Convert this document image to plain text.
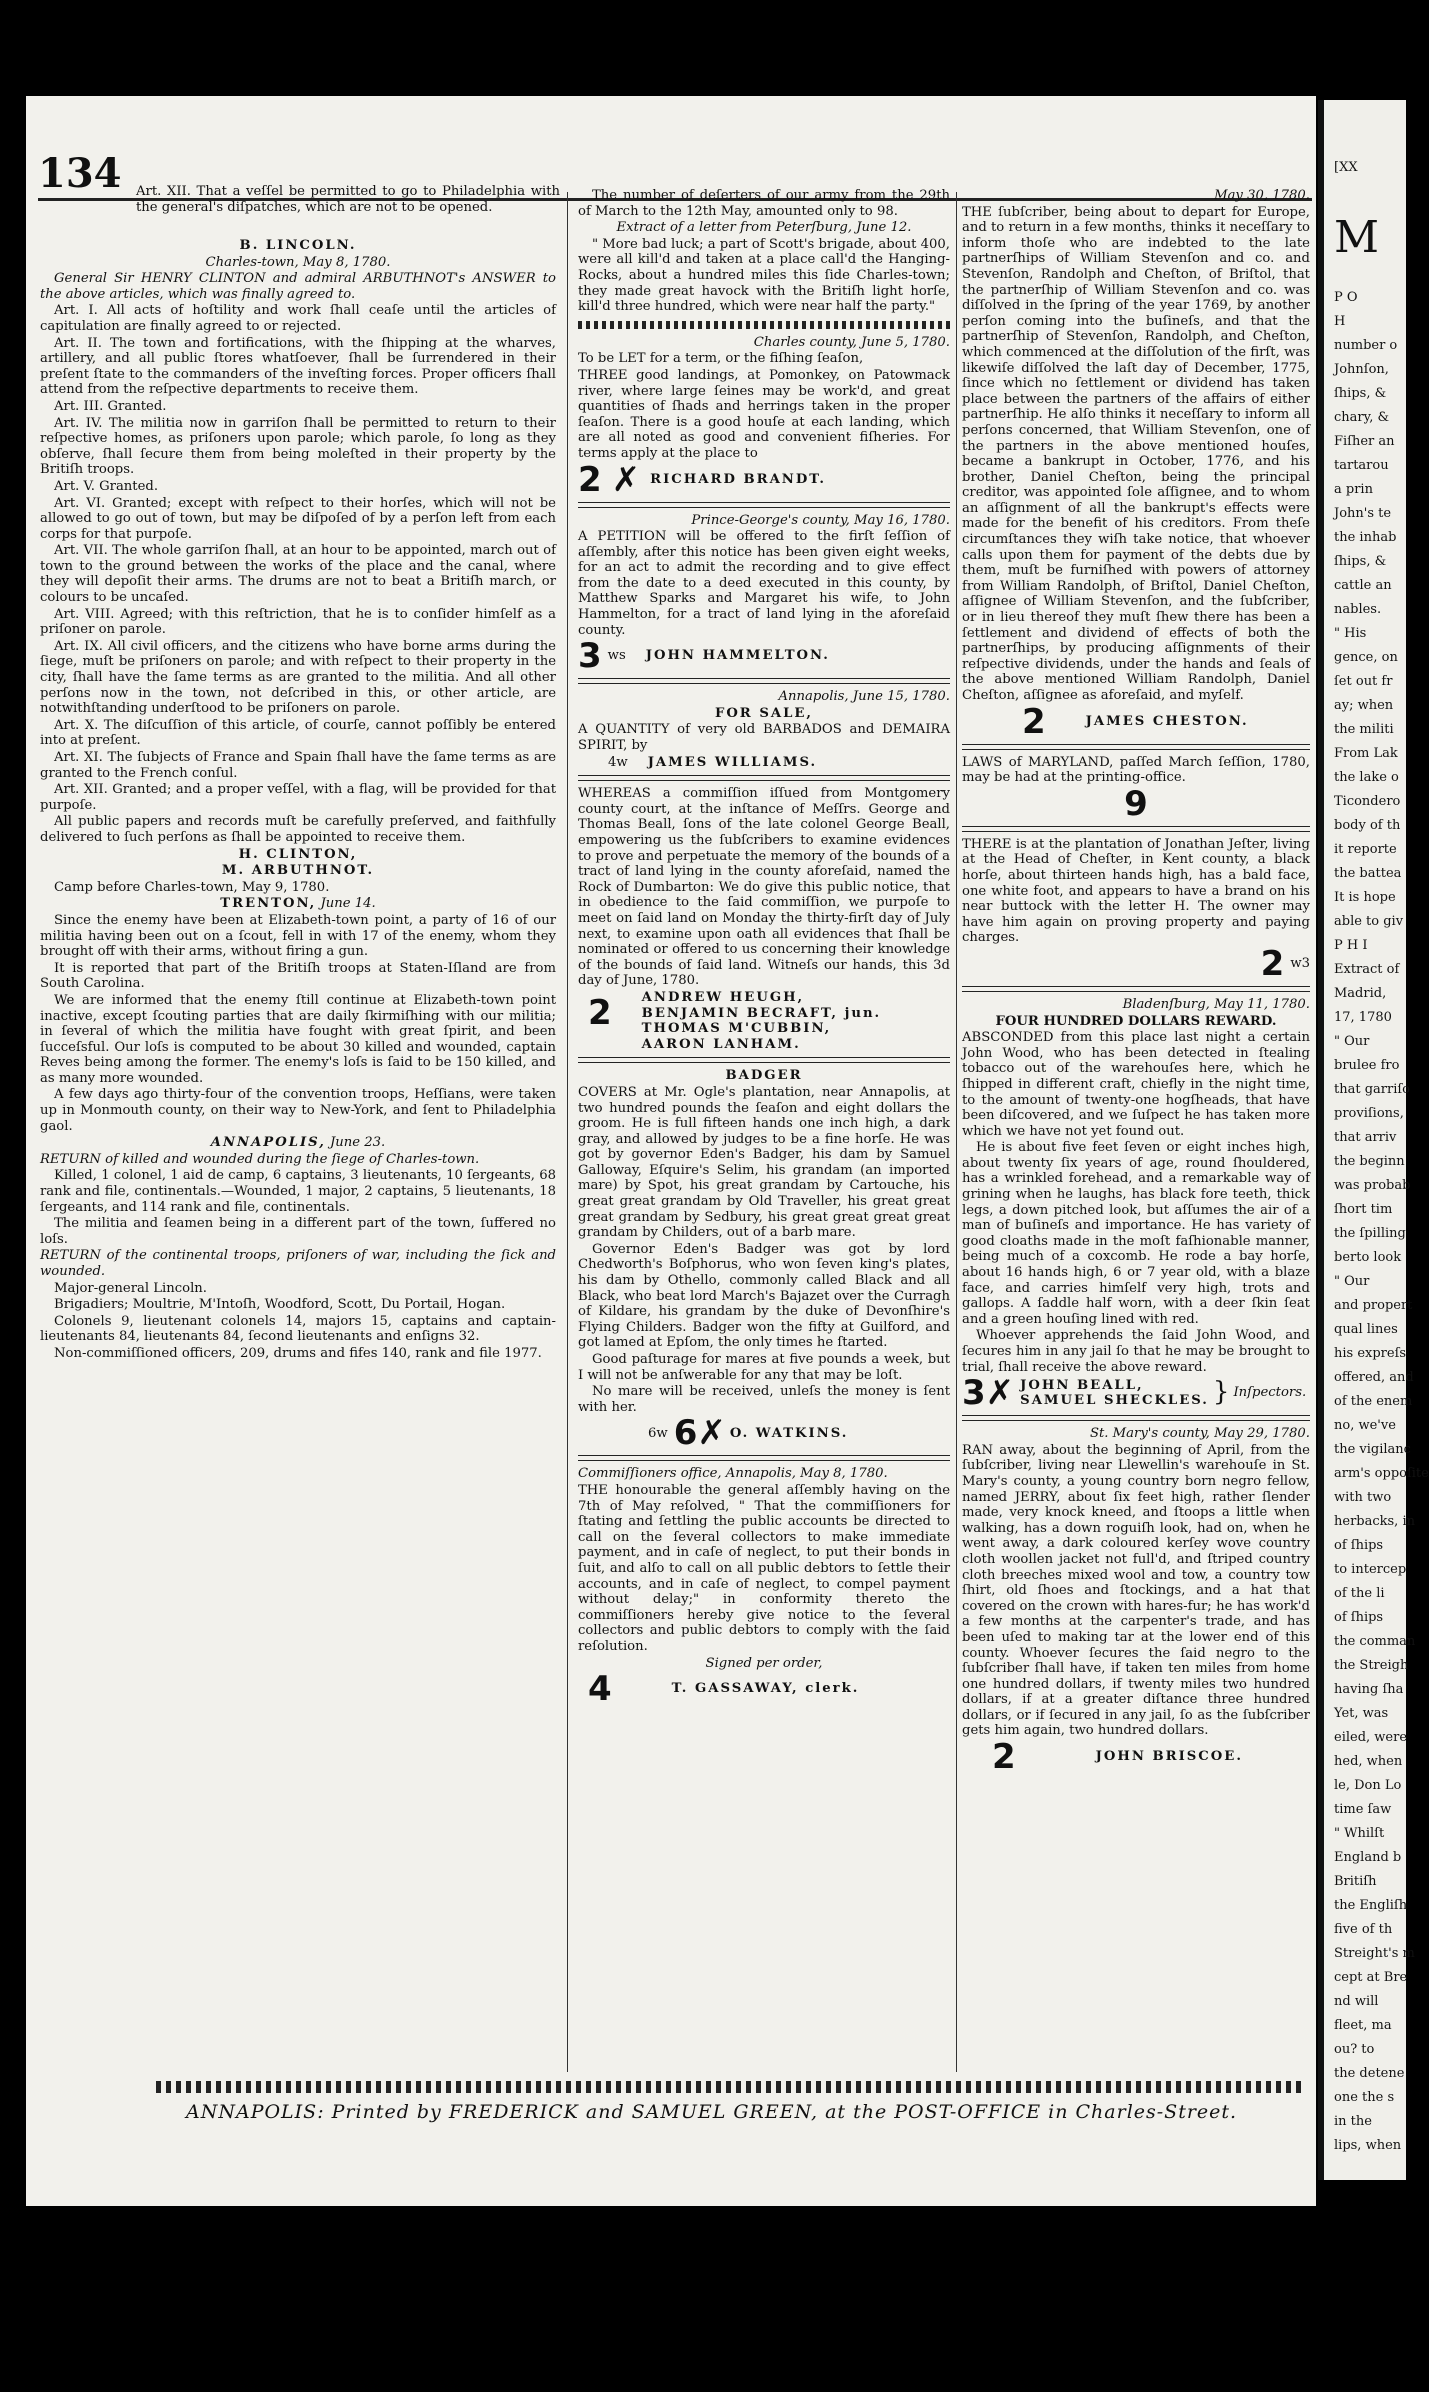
134 Art. XII. That a veſſel be permitted to go to Philadelphia with the general's diſpatches, which are not to be opened.

B. LINCOLN.

Charles-town, May 8, 1780.

General Sir HENRY CLINTON and admiral ARBUTHNOT's ANSWER to the above articles, which was finally agreed to.

Art. I. All acts of hoſtility and work ſhall ceaſe until the articles of capitulation are finally agreed to or rejected.

Art. II. The town and fortifications, with the ſhipping at the wharves, artillery, and all public ſtores whatſoever, ſhall be ſurrendered in their preſent ſtate to the commanders of the inveſting forces. Proper officers ſhall attend from the reſpective departments to receive them.

Art. III. Granted.

Art. IV. The militia now in garriſon ſhall be permitted to return to their reſpective homes, as priſoners upon parole; which parole, ſo long as they obſerve, ſhall ſecure them from being moleſted in their property by the Britiſh troops.

Art. V. Granted.

Art. VI. Granted; except with reſpect to their horſes, which will not be allowed to go out of town, but may be diſpoſed of by a perſon left from each corps for that purpoſe.

Art. VII. The whole garriſon ſhall, at an hour to be appointed, march out of town to the ground between the works of the place and the canal, where they will depoſit their arms. The drums are not to beat a Britiſh march, or colours to be uncaſed.

Art. VIII. Agreed; with this reſtriction, that he is to conſider himſelf as a priſoner on parole.

Art. IX. All civil officers, and the citizens who have borne arms during the ſiege, muſt be priſoners on parole; and with reſpect to their property in the city, ſhall have the ſame terms as are granted to the militia. And all other perſons now in the town, not deſcribed in this, or other article, are notwithſtanding underſtood to be priſoners on parole.

Art. X. The diſcuſſion of this article, of courſe, cannot poſſibly be entered into at preſent.

Art. XI. The ſubjects of France and Spain ſhall have the ſame terms as are granted to the French conſul.

Art. XII. Granted; and a proper veſſel, with a flag, will be provided for that purpoſe.

All public papers and records muſt be carefully preſerved, and faithfully delivered to ſuch perſons as ſhall be appointed to receive them.

H. CLINTON,

M. ARBUTHNOT.

Camp before Charles-town, May 9, 1780.

TRENTON, June 14.

Since the enemy have been at Elizabeth-town point, a party of 16 of our militia having been out on a ſcout, fell in with 17 of the enemy, whom they brought off with their arms, without firing a gun.

It is reported that part of the Britiſh troops at Staten-Iſland are from South Carolina.

We are informed that the enemy ſtill continue at Elizabeth-town point inactive, except ſcouting parties that are daily ſkirmiſhing with our militia; in ſeveral of which the militia have fought with great ſpirit, and been ſucceſsful. Our loſs is computed to be about 30 killed and wounded, captain Reves being among the former. The enemy's loſs is ſaid to be 150 killed, and as many more wounded.

A few days ago thirty-four of the convention troops, Heſſians, were taken up in Monmouth county, on their way to New-York, and ſent to Philadelphia gaol.

ANNAPOLIS, June 23.

RETURN of killed and wounded during the ſiege of Charles-town.

Killed, 1 colonel, 1 aid de camp, 6 captains, 3 lieutenants, 10 ſergeants, 68 rank and file, continentals.—Wounded, 1 major, 2 captains, 5 lieutenants, 18 ſergeants, and 114 rank and file, continentals.

The militia and ſeamen being in a different part of the town, ſuffered no loſs.

RETURN of the continental troops, priſoners of war, including the ſick and wounded.

Major-general Lincoln.

Brigadiers; Moultrie, M'Intoſh, Woodford, Scott, Du Portail, Hogan.

Colonels 9, lieutenant colonels 14, majors 15, captains and captain-lieutenants 84, lieutenants 84, ſecond lieutenants and enſigns 32.

Non-commiſſioned officers, 209, drums and fifes 140, rank and file 1977.

The number of deſerters of our army from the 29th of March to the 12th May, amounted only to 98.

Extract of a letter from Peterſburg, June 12.

" More bad luck; a part of Scott's brigade, about 400, were all kill'd and taken at a place call'd the Hanging-Rocks, about a hundred miles this ſide Charles-town; they made great havock with the Britiſh light horſe, kill'd three hundred, which were near half the party."

Charles county, June 5, 1780.

To be LET for a term, or the fiſhing ſeaſon,

THREE good landings, at Pomonkey, on Patowmack river, where large ſeines may be work'd, and great quantities of ſhads and herrings taken in the proper ſeaſon. There is a good houſe at each landing, which are all noted as good and convenient fiſheries. For terms apply at the place to

2 ✗ RICHARD BRANDT.

Prince-George's county, May 16, 1780.

A PETITION will be offered to the firſt ſeſſion of aſſembly, after this notice has been given eight weeks, for an act to admit the recording and to give effect from the date to a deed executed in this county, by Matthew Sparks and Margaret his wife, to John Hammelton, for a tract of land lying in the aforeſaid county.

3 ws JOHN HAMMELTON.

Annapolis, June 15, 1780.

FOR SALE,

A QUANTITY of very old BARBADOS and DEMAIRA SPIRIT, by

4w JAMES WILLIAMS.

WHEREAS a commiſſion iſſued from Montgomery county court, at the inſtance of Meſſrs. George and Thomas Beall, ſons of the late colonel George Beall, empowering us the ſubſcribers to examine evidences to prove and perpetuate the memory of the bounds of a tract of land lying in the county aforeſaid, named the Rock of Dumbarton: We do give this public notice, that in obedience to the ſaid commiſſion, we purpoſe to meet on ſaid land on Monday the thirty-firſt day of July next, to examine upon oath all evidences that ſhall be nominated or offered to us concerning their knowledge of the bounds of ſaid land. Witneſs our hands, this 3d day of June, 1780.

2 ANDREW HEUGH,
BENJAMIN BECRAFT, jun.
THOMAS M'CUBBIN,
AARON LANHAM.

BADGER

COVERS at Mr. Ogle's plantation, near Annapolis, at two hundred pounds the ſeaſon and eight dollars the groom. He is full fifteen hands one inch high, a dark gray, and allowed by judges to be a fine horſe. He was got by governor Eden's Badger, his dam by Samuel Galloway, Eſquire's Selim, his grandam (an imported mare) by Spot, his great grandam by Cartouche, his great great grandam by Old Traveller, his great great great grandam by Sedbury, his great great great great grandam by Childers, out of a barb mare.

Governor Eden's Badger was got by lord Chedworth's Boſphorus, who won ſeven king's plates, his dam by Othello, commonly called Black and all Black, who beat lord March's Bajazet over the Curragh of Kildare, his grandam by the duke of Devonſhire's Flying Childers. Badger won the fifty at Guilford, and got lamed at Epſom, the only times he ſtarted.

Good paſturage for mares at five pounds a week, but I will not be anſwerable for any that may be loſt.

No mare will be received, unleſs the money is ſent with her.

6w 6 ✗ O. WATKINS.

Commiſſioners office, Annapolis, May 8, 1780.

THE honourable the general aſſembly having on the 7th of May reſolved, " That the commiſſioners for ſtating and ſettling the public accounts be directed to call on the ſeveral collectors to make immediate payment, and in caſe of neglect, to put their bonds in ſuit, and alſo to call on all public debtors to ſettle their accounts, and in caſe of neglect, to compel payment without delay;" in conformity thereto the commiſſioners hereby give notice to the ſeveral collectors and public debtors to comply with the ſaid reſolution.

Signed per order,

4	T. GASSAWAY, clerk.

May 30, 1780.

THE ſubſcriber, being about to depart for Europe, and to return in a few months, thinks it neceſſary to inform thoſe who are indebted to the late partnerſhips of William Stevenſon and co. and Stevenſon, Randolph and Cheſton, of Briſtol, that the partnerſhip of William Stevenſon and co. was diſſolved in the ſpring of the year 1769, by another perſon coming into the buſineſs, and that the partnerſhip of Stevenſon, Randolph, and Cheſton, which commenced at the diſſolution of the firſt, was likewiſe diſſolved the laſt day of December, 1775, ſince which no ſettlement or dividend has taken place between the partners of the affairs of either partnerſhip. He alſo thinks it neceſſary to inform all perſons concerned, that William Stevenſon, one of the partners in the above mentioned houſes, became a bankrupt in October, 1776, and his brother, Daniel Cheſton, being the principal creditor, was appointed ſole aſſignee, and to whom an aſſignment of all the bankrupt's effects were made for the benefit of his creditors. From theſe circumſtances they wiſh take notice, that whoever calls upon them for payment of the debts due by them, muſt be furniſhed with powers of attorney from William Randolph, of Briſtol, Daniel Cheſton, aſſignee of William Stevenſon, and the ſubſcriber, or in lieu thereof they muſt ſhew there has been a ſettlement and dividend of effects of both the partnerſhips, by producing aſſignments of their reſpective dividends, under the hands and ſeals of the above mentioned William Randolph, Daniel Cheſton, aſſignee as aforeſaid, and myſelf.

2	JAMES CHESTON.

LAWS of MARYLAND, paſſed March ſeſſion, 1780, may be had at the printing-office.

9

THERE is at the plantation of Jonathan Jeſter, living at the Head of Cheſter, in Kent county, a black horſe, about thirteen hands high, has a bald face, one white foot, and appears to have a brand on his near buttock with the letter H. The owner may have him again on proving property and paying charges.

2 w3

Bladenſburg, May 11, 1780.

FOUR HUNDRED DOLLARS REWARD.

ABSCONDED from this place last night a certain John Wood, who has been detected in ſtealing tobacco out of the warehouſes here, which he ſhipped in different craft, chiefly in the night time, to the amount of twenty-one hogſheads, that have been diſcovered, and we ſuſpect he has taken more which we have not yet found out.

He is about five feet ſeven or eight inches high, about twenty ſix years of age, round ſhouldered, has a wrinkled forehead, and a remarkable way of grining when he laughs, has black fore teeth, thick legs, a down pitched look, but aſſumes the air of a man of buſineſs and importance. He has variety of good cloaths made in the moſt faſhionable manner, being much of a coxcomb. He rode a bay horſe, about 16 hands high, 6 or 7 year old, with a blaze face, and carries himſelf very high, trots and gallops. A ſaddle half worn, with a deer ſkin ſeat and a green houſing lined with red.

Whoever apprehends the ſaid John Wood, and ſecures him in any jail ſo that he may be brought to trial, ſhall receive the above reward.

3 ✗ JOHN BEALL,
SAMUEL SHECKLES. } Inſpectors.

St. Mary's county, May 29, 1780.

RAN away, about the beginning of April, from the ſubſcriber, living near Llewellin's warehouſe in St. Mary's county, a young country born negro fellow, named JERRY, about ſix feet high, rather ſlender made, very knock kneed, and ſtoops a little when walking, has a down roguiſh look, had on, when he went away, a dark coloured kerſey wove country cloth woollen jacket not full'd, and ſtriped country cloth breeches mixed wool and tow, a country tow ſhirt, old ſhoes and ſtockings, and a hat that covered on the crown with hares-fur; he has work'd a few months at the carpenter's trade, and has been uſed to making tar at the lower end of this county. Whoever ſecures the ſaid negro to the ſubſcriber ſhall have, if taken ten miles from home one hundred dollars, if twenty miles two hundred dollars, if at a greater diſtance three hundred dollars, or if ſecured in any jail, ſo as the ſubſcriber gets him again, two hundred dollars.

2	JOHN BRISCOE.
ANNAPOLIS: Printed by FREDERICK and SAMUEL GREEN, at the POST-OFFICE in Charles-Street.
[XX
M
P O
H
number o
Johnſon,
ſhips, &
chary, &
Fiſher an
tartarou
a prin
John's te
the inhab
ſhips, &
cattle an
nables.
" His
gence, on
ſet out fr
ay; when
the militi
From Lak
the lake o
Ticondero
body of th
it reporte
the battea
It is hope
able to giv
P H I
Extract of
Madrid,
17, 1780
" Our
brulee fro
that garriſo
proviſions,
that arriv
the beginn
was probab
ſhort tim
the ſpilling
berto look
" Our
and propert
qual lines
his expreſs
offered, and
of the enem
no, we've
the vigilanc
arm's oppoſite
with two
herbacks, in
of ſhips
to intercep
of the li
of ſhips
the comman
the Streigh
having ſha
Yet, was
eiled, were
hed, when
le, Don Lo
time ſaw
" Whilſt
England b
Britiſh
the Engliſh
five of th
Streight's m
cept at Bre
nd will
fleet, ma
ou? to
the detene
one the s
in the
lips, when
